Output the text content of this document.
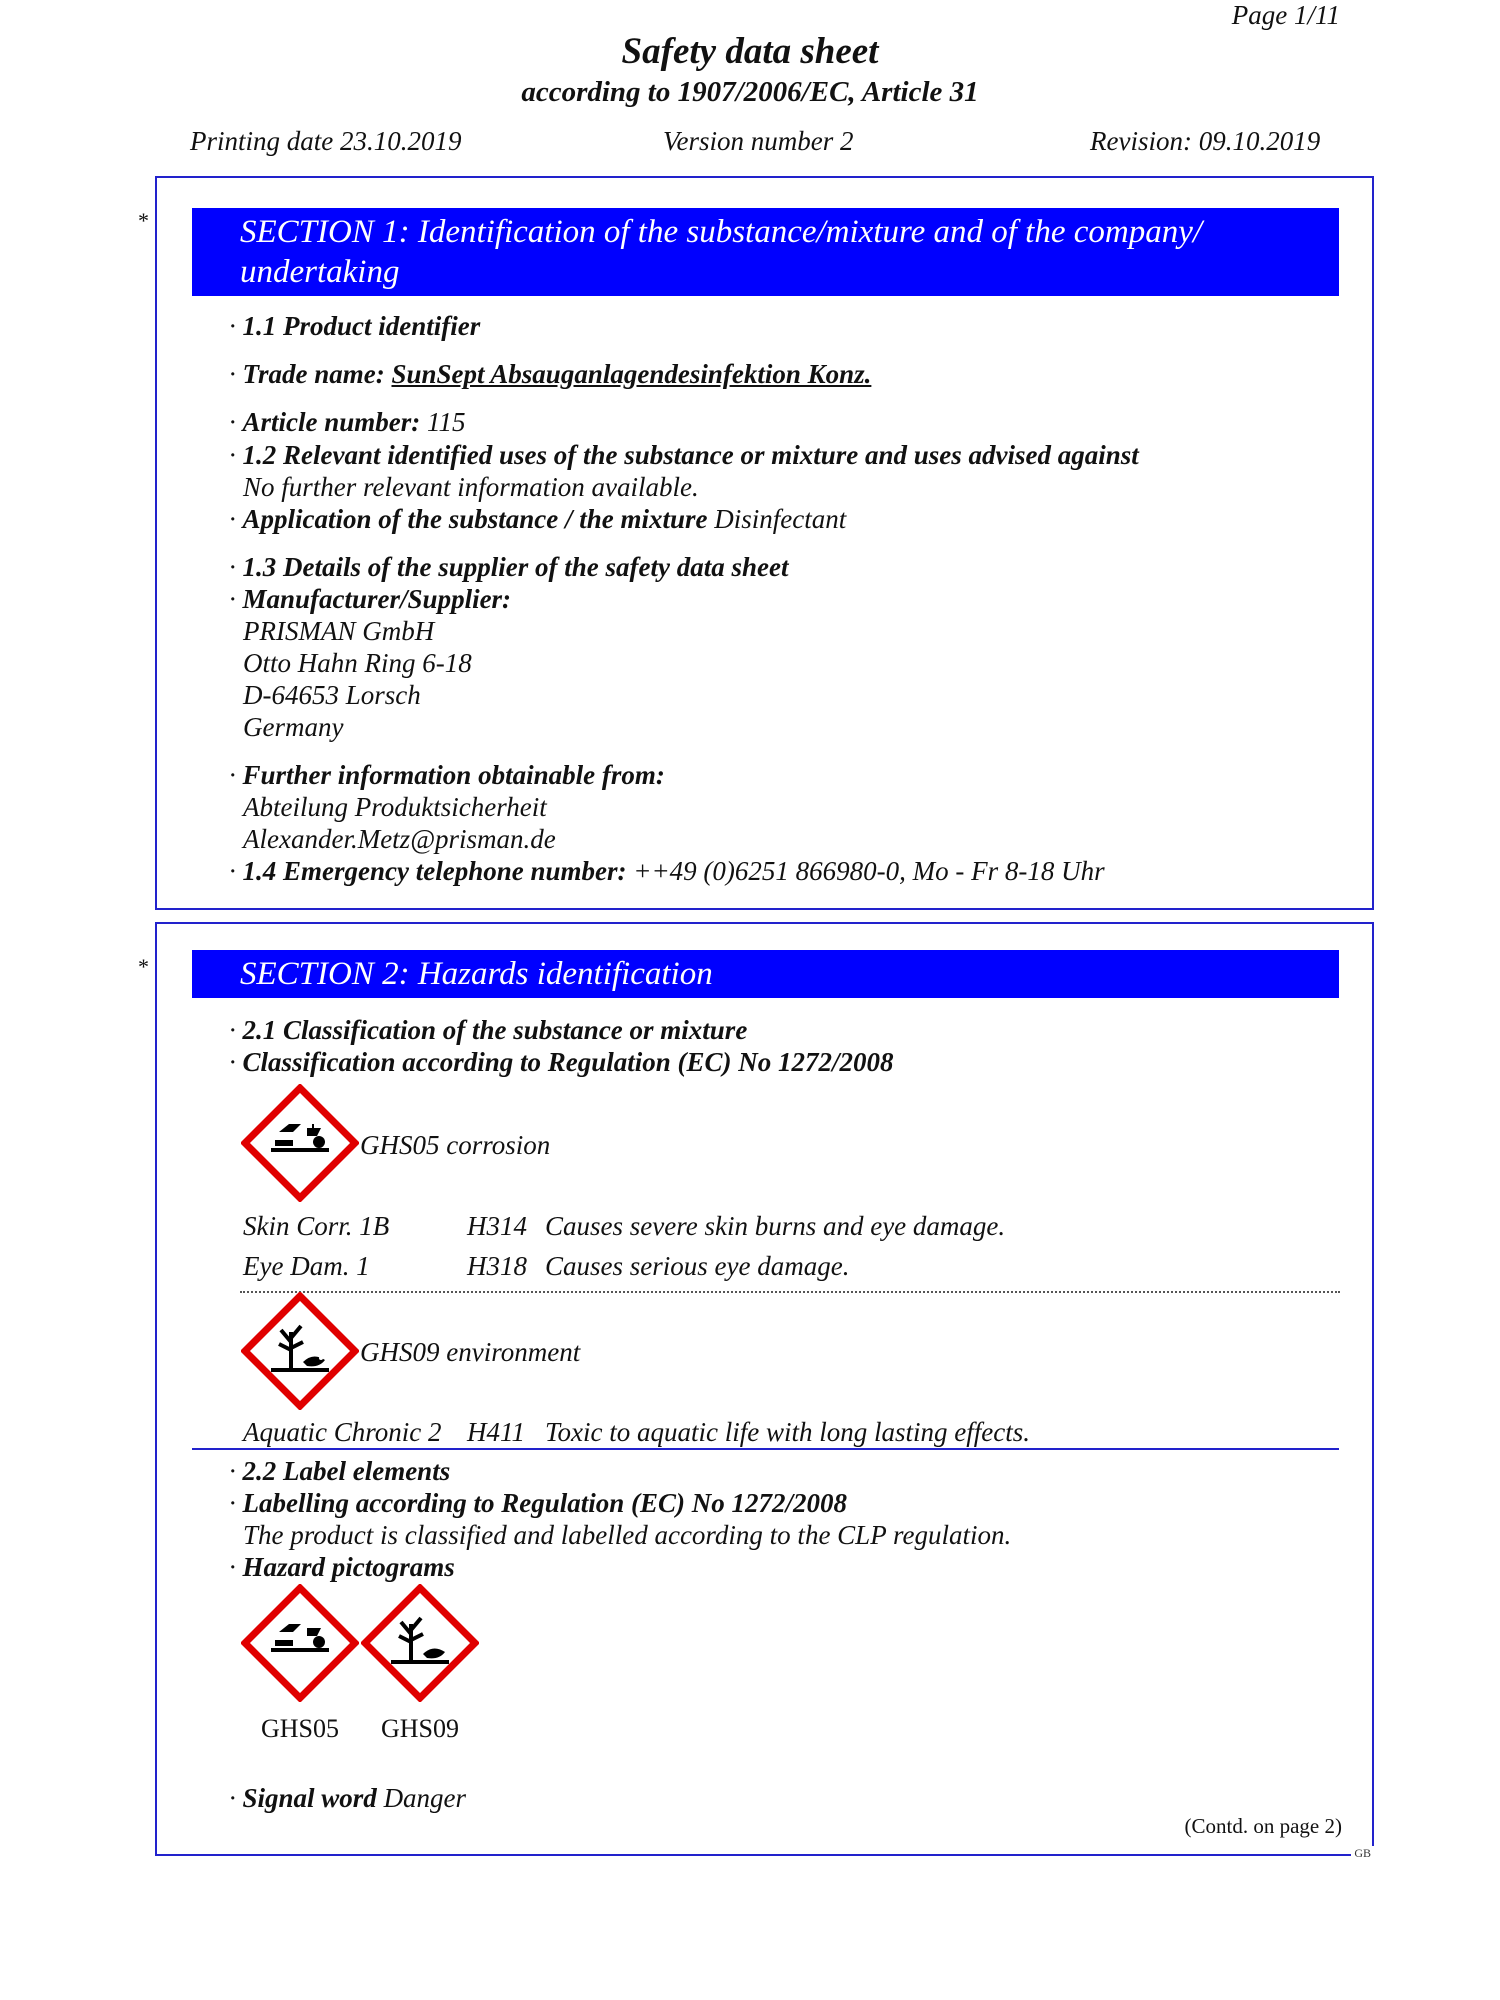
Page 1/11
Safety data sheet
according to 1907/2006/EC, Article 31
Printing date 23.10.2019	Version number 2	Revision: 09.10.2019
*	SECTION 1: Identification of the substance/mixture and of the company/
undertaking
· 1.1 Product identifier
· Trade name: SunSept Absauganlagendesinfektion Konz.
· Article number: 115
· 1.2 Relevant identified uses of the substance or mixture and uses advised against
No further relevant information available.
· Application of the substance / the mixture Disinfectant
· 1.3 Details of the supplier of the safety data sheet
· Manufacturer/Supplier:
PRISMAN GmbH
Otto Hahn Ring 6-18
D-64653 Lorsch
Germany
· Further information obtainable from:
Abteilung Produktsicherheit
Alexander.Metz@prisman.de
· 1.4 Emergency telephone number: ++49 (0)6251 866980-0, Mo - Fr 8-18 Uhr
*	SECTION 2: Hazards identification
· 2.1 Classification of the substance or mixture
· Classification according to Regulation (EC) No 1272/2008
GHS05 corrosion
Skin Corr. 1B	H314 Causes severe skin burns and eye damage.
Eye Dam. 1	H318 Causes serious eye damage.
GHS09 environment
Aquatic Chronic 2 H411 Toxic to aquatic life with long lasting effects.
· 2.2 Label elements
· Labelling according to Regulation (EC) No 1272/2008
The product is classified and labelled according to the CLP regulation.
· Hazard pictograms
GHS05	GHS09
· Signal word Danger
(Contd. on page 2)
GB
